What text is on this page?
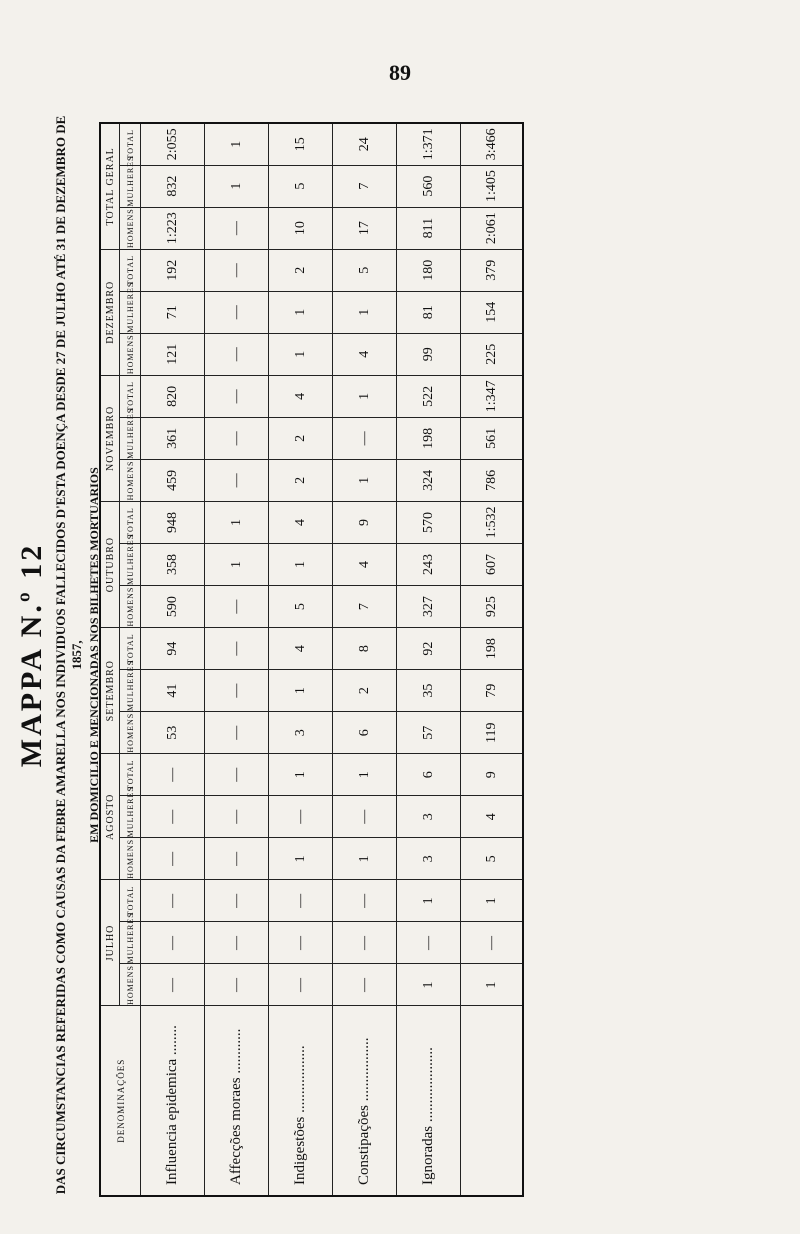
89
MAPPA N.º 12 DAS CIRCUMSTANCIAS REFERIDAS COMO CAUSAS DA FEBRE AMARELLA NOS INDIVIDUOS FALLECIDOS D'ESTA DOENÇA DESDE 27 DE JULHO ATÉ 31 DE DEZEMBRO DE 1857, EM DOMICILIO E MENCIONADAS NOS BILHETES MORTUARIOS
DENOMINAÇÕES	JULHO			AGOSTO			SETEMBRO			OUTUBRO			NOVEMBRO			DEZEMBRO			TOTAL GERAL		
	HOMENS	MULHERES	TOTAL	HOMENS	MULHERES	TOTAL	HOMENS	MULHERES	TOTAL	HOMENS	MULHERES	TOTAL	HOMENS	MULHERES	TOTAL	HOMENS	MULHERES	TOTAL	HOMENS	MULHERES	TOTAL
Influencia epidemica ........	—	—	—	—	—	—	53	41	94	590	358	948	459	361	820	121	71	192	1:223	832	2:055
Affecções moraes ............	—	—	—	—	—	—	—	—	—	—	1	1	—	—	—	—	—	—	—	1	1
Indigestões ..................	—	—	—	1	—	1	3	1	4	5	1	4	2	2	4	1	1	2	10	5	15
Constipações .................	—	—	—	1	—	1	6	2	8	7	4	9	1	—	1	4	1	5	17	7	24
Ignoradas ....................	1	—	1	3	3	6	57	35	92	327	243	570	324	198	522	99	81	180	811	560	1:371
	1	—	1	5	4	9	119	79	198	925	607	1:532	786	561	1:347	225	154	379	2:061	1:405	3:466
